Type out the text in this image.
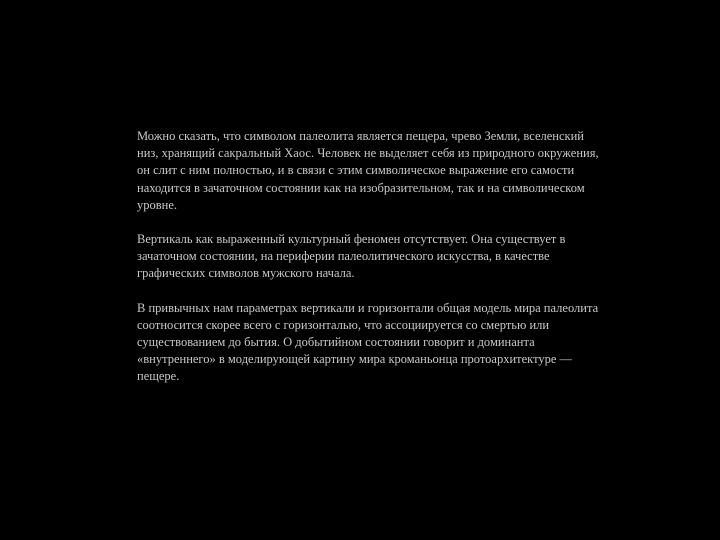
Можно сказать, что символом палеолита является пещера, чрево Земли, вселенский низ, хранящий сакральный Хаос. Человек не выделяет себя из природного окружения, он слит с ним полностью, и в связи с этим символическое выражение его самости находится в зачаточном состоянии как на изобразительном, так и на символическом уровне.

Вертикаль как выраженный культурный феномен отсутствует. Она существует в зачаточном состоянии, на периферии палеолитического искусства, в качестве графических символов мужского начала.

В привычных нам параметрах вертикали и горизонтали общая модель мира палеолита соотносится скорее всего с горизонталью, что ассоциируется со смертью или существованием до бытия. О добытийном состоянии говорит и доминанта «внутреннего» в моделирующей картину мира кроманьонца протоархитектуре — пещере.
